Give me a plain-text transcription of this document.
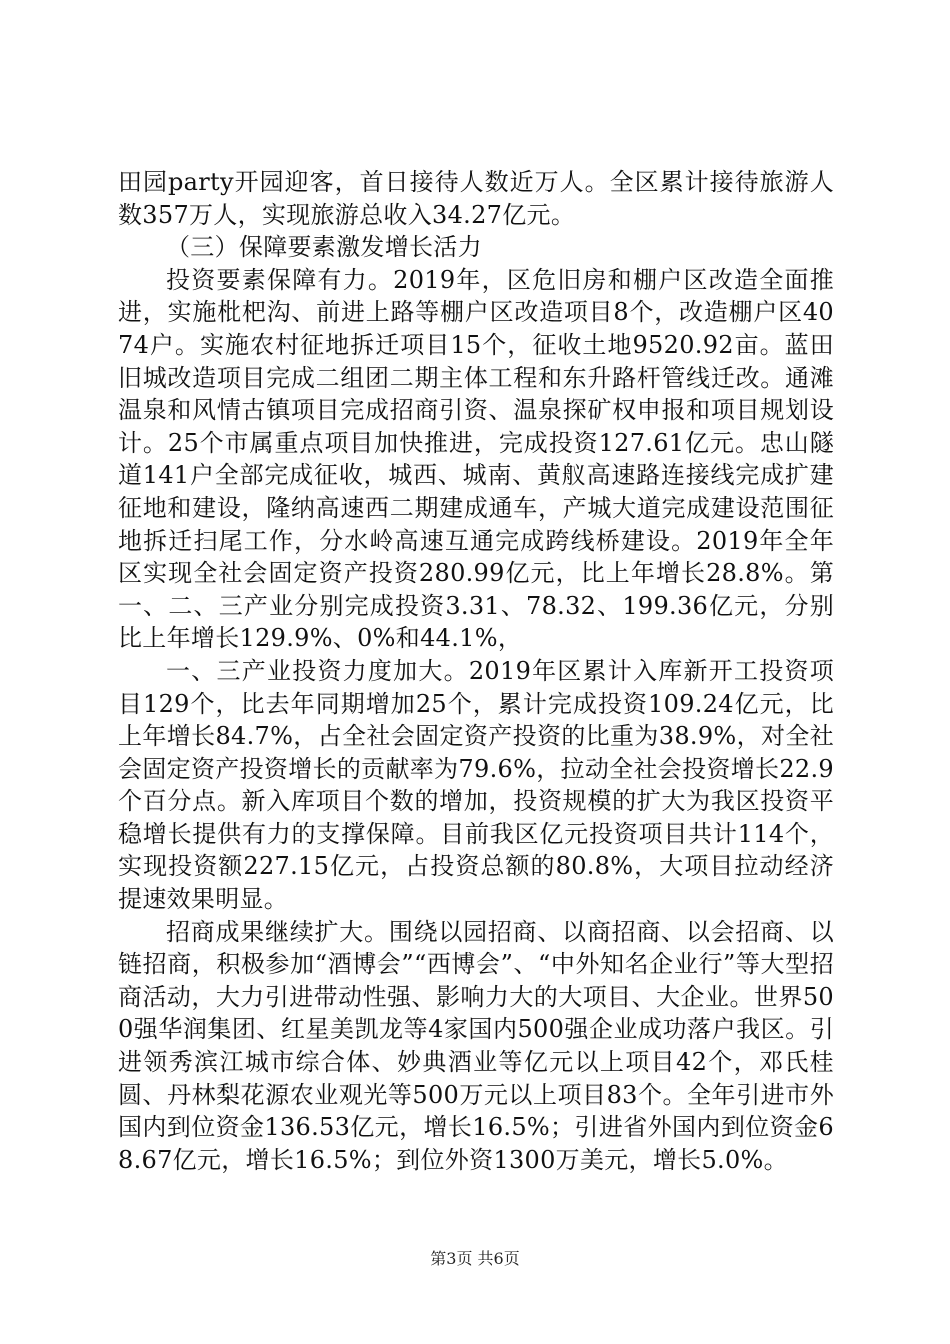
田园party开园迎客，首日接待人数近万人。全区累计接待旅游人数357万人，实现旅游总收入34.27亿元。

（三）保障要素激发增长活力

投资要素保障有力。2019年，区危旧房和棚户区改造全面推进，实施枇杷沟、前进上路等棚户区改造项目8个，改造棚户区4074户。实施农村征地拆迁项目15个，征收土地9520.92亩。蓝田旧城改造项目完成二组团二期主体工程和东升路杆管线迁改。通滩温泉和风情古镇项目完成招商引资、温泉探矿权申报和项目规划设计。25个市属重点项目加快推进，完成投资127.61亿元。忠山隧道141户全部完成征收，城西、城南、黄舣高速路连接线完成扩建征地和建设，隆纳高速西二期建成通车，产城大道完成建设范围征地拆迁扫尾工作，分水岭高速互通完成跨线桥建设。2019年全年区实现全社会固定资产投资280.99亿元，比上年增长28.8%。第一、二、三产业分别完成投资3.31、78.32、199.36亿元，分别比上年增长129.9%、0%和44.1%，

一、三产业投资力度加大。2019年区累计入库新开工投资项目129个，比去年同期增加25个，累计完成投资109.24亿元，比上年增长84.7%，占全社会固定资产投资的比重为38.9%，对全社会固定资产投资增长的贡献率为79.6%，拉动全社会投资增长22.9个百分点。新入库项目个数的增加，投资规模的扩大为我区投资平稳增长提供有力的支撑保障。目前我区亿元投资项目共计114个，实现投资额227.15亿元，占投资总额的80.8%，大项目拉动经济提速效果明显。

招商成果继续扩大。围绕以园招商、以商招商、以会招商、以链招商，积极参加“酒博会”“西博会”、“中外知名企业行”等大型招商活动，大力引进带动性强、影响力大的大项目、大企业。世界500强华润集团、红星美凯龙等4家国内500强企业成功落户我区。引进领秀滨江城市综合体、妙典酒业等亿元以上项目42个，邓氏桂圆、丹林梨花源农业观光等500万元以上项目83个。全年引进市外国内到位资金136.53亿元，增长16.5%；引进省外国内到位资金68.67亿元，增长16.5%；到位外资1300万美元，增长5.0%。

第3页 共6页
